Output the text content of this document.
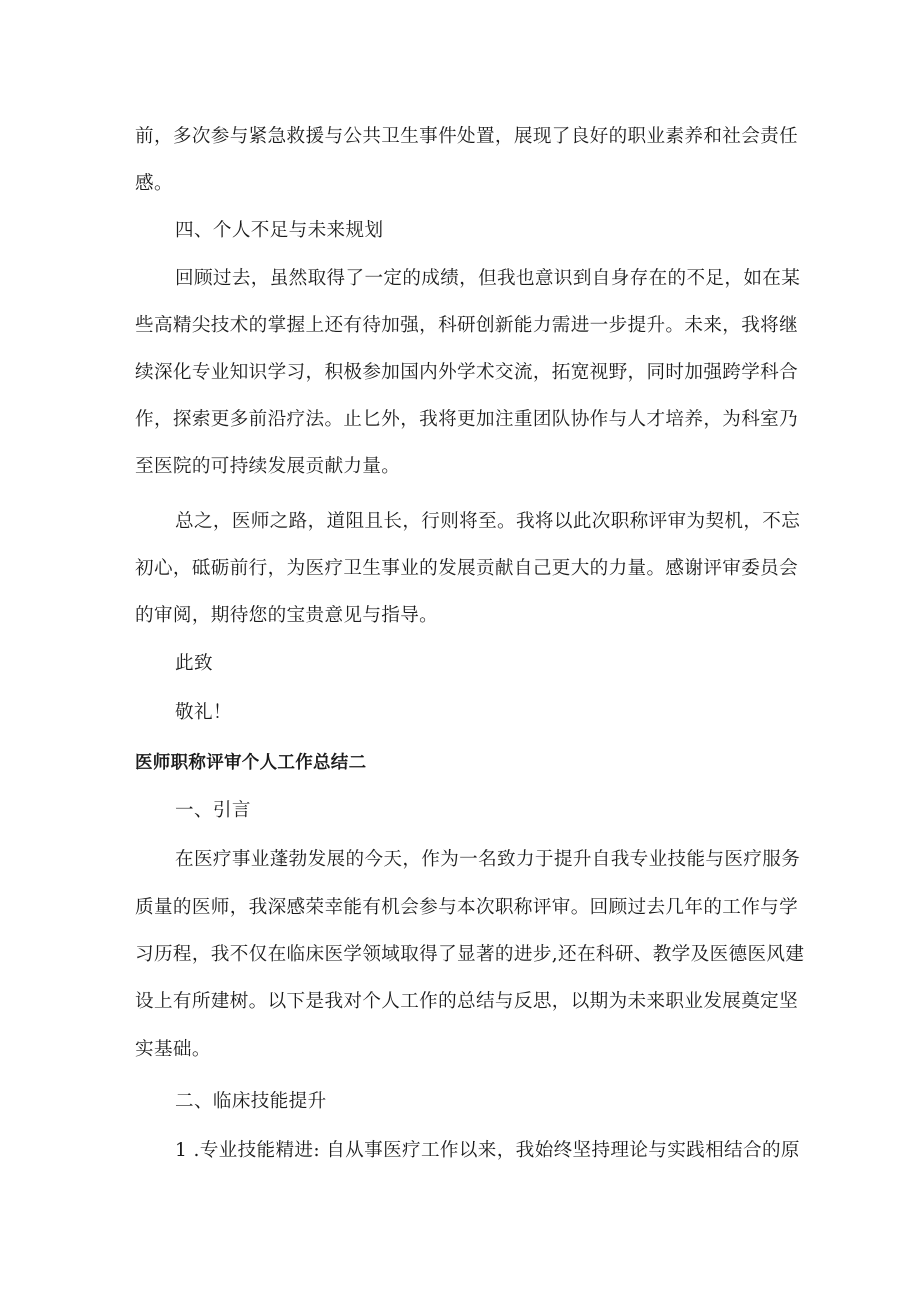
前，多次参与紧急救援与公共卫生事件处置，展现了良好的职业素养和社会责任
感。
四、个人不足与未来规划
回顾过去，虽然取得了一定的成绩，但我也意识到自身存在的不足，如在某
些高精尖技术的掌握上还有待加强，科研创新能力需进一步提升。未来，我将继
续深化专业知识学习，积极参加国内外学术交流，拓宽视野，同时加强跨学科合
作，探索更多前沿疗法。止匕外，我将更加注重团队协作与人才培养，为科室乃
至医院的可持续发展贡献力量。
总之，医师之路，道阻且长，行则将至。我将以此次职称评审为契机，不忘
初心，砥砺前行，为医疗卫生事业的发展贡献自己更大的力量。感谢评审委员会
的审阅，期待您的宝贵意见与指导。
此致
敬礼！
医师职称评审个人工作总结二
一、引言
在医疗事业蓬勃发展的今天，作为一名致力于提升自我专业技能与医疗服务
质量的医师，我深感荣幸能有机会参与本次职称评审。回顾过去几年的工作与学
习历程，我不仅在临床医学领域取得了显著的进步,还在科研、教学及医德医风建
设上有所建树。以下是我对个人工作的总结与反思，以期为未来职业发展奠定坚
实基础。
二、临床技能提升
1 .专业技能精进: 自从事医疗工作以来，我始终坚持理论与实践相结合的原
